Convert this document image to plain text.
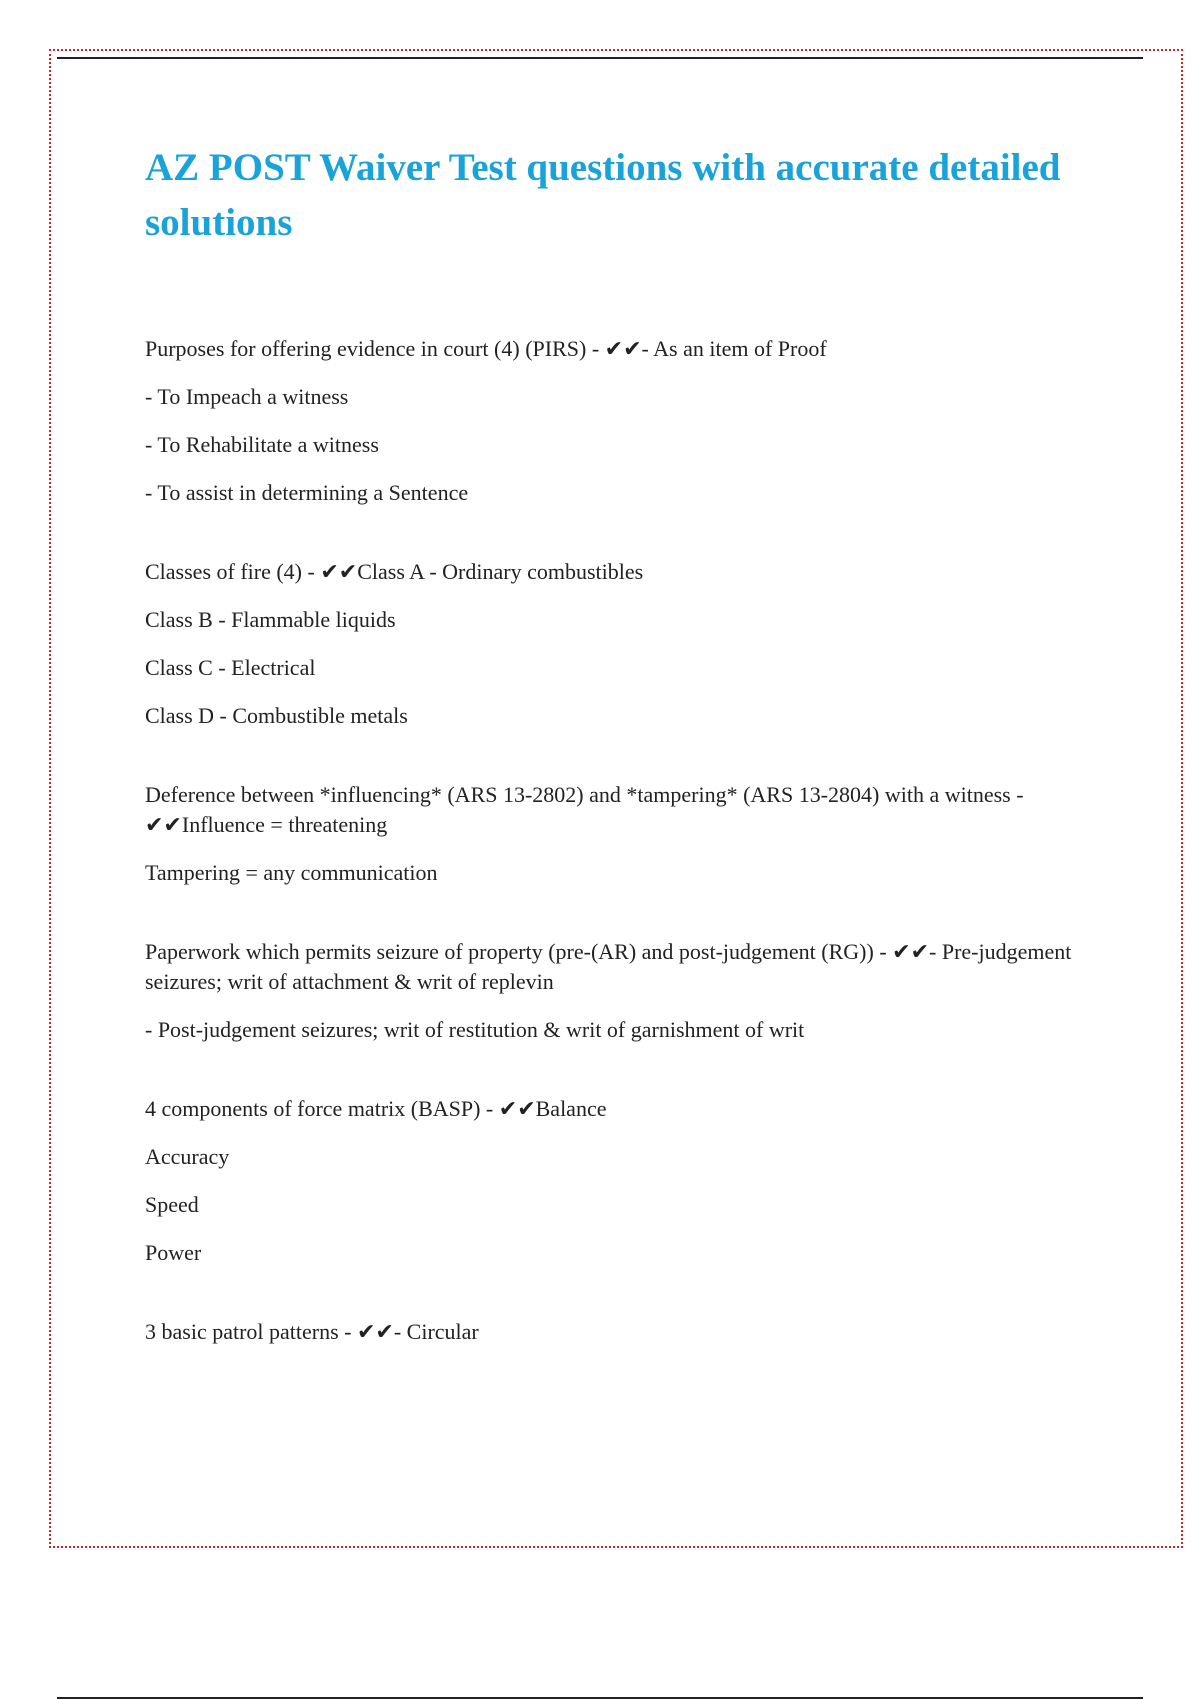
AZ POST Waiver Test questions with accurate detailed solutions

Purposes for offering evidence in court (4) (PIRS) - ✔✔- As an item of Proof

- To Impeach a witness

- To Rehabilitate a witness

- To assist in determining a Sentence

Classes of fire (4) - ✔✔Class A - Ordinary combustibles

Class B - Flammable liquids

Class C - Electrical

Class D - Combustible metals

Deference between *influencing* (ARS 13-2802) and *tampering* (ARS 13-2804) with a witness - ✔✔Influence = threatening

Tampering = any communication

Paperwork which permits seizure of property (pre-(AR) and post-judgement (RG)) - ✔✔- Pre-judgement seizures; writ of attachment & writ of replevin

- Post-judgement seizures; writ of restitution & writ of garnishment of writ

4 components of force matrix (BASP) - ✔✔Balance

Accuracy

Speed

Power

3 basic patrol patterns - ✔✔- Circular
